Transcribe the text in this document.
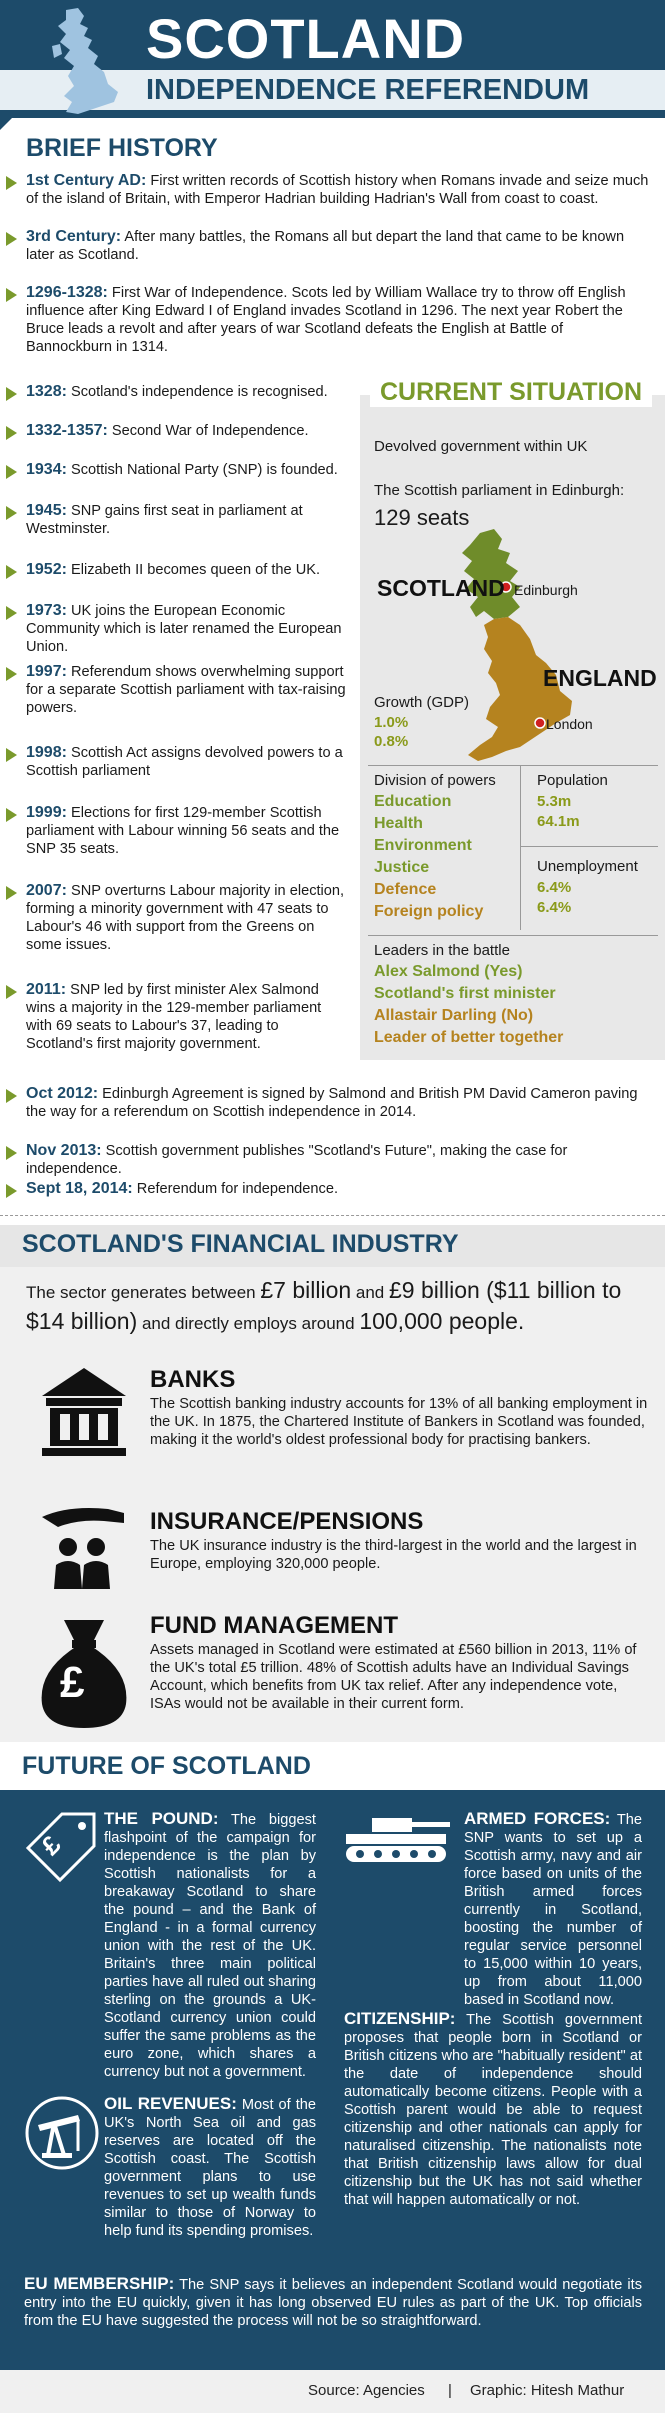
SCOTLAND
INDEPENDENCE REFERENDUM
BRIEF HISTORY
1st Century AD: First written records of Scottish history when Romans invade and seize much of the island of Britain, with Emperor Hadrian building Hadrian's Wall from coast to coast.
3rd Century: After many battles, the Romans all but depart the land that came to be known later as Scotland.
1296-1328: First War of Independence. Scots led by William Wallace try to throw off English influence after King Edward I of England invades Scotland in 1296. The next year Robert the Bruce leads a revolt and after years of war Scotland defeats the English at Battle of Bannockburn in 1314.
1328: Scotland's independence is recognised.
1332-1357: Second War of Independence.
1934: Scottish National Party (SNP) is founded.
1945: SNP gains first seat in parliament at Westminster.
1952: Elizabeth II becomes queen of the UK.
1973: UK joins the European Economic Community which is later renamed the European Union.
1997: Referendum shows overwhelming support for a separate Scottish parliament with tax-raising powers.
1998: Scottish Act assigns devolved powers to a Scottish parliament
1999: Elections for first 129-member Scottish parliament with Labour winning 56 seats and the SNP 35 seats.
2007: SNP overturns Labour majority in election, forming a minority government with 47 seats to Labour's 46 with support from the Greens on some issues.
2011: SNP led by first minister Alex Salmond wins a majority in the 129-member parliament with 69 seats to Labour's 37, leading to Scotland's first majority government.
Oct 2012: Edinburgh Agreement is signed by Salmond and British PM David Cameron paving the way for a referendum on Scottish independence in 2014.
Nov 2013: Scottish government publishes "Scotland's Future", making the case for independence.
Sept 18, 2014: Referendum for independence.
CURRENT SITUATION
Devolved government within UK
The Scottish parliament in Edinburgh:
129 seats
SCOTLAND Edinburgh
ENGLAND
London
Growth (GDP)
1.0%
0.8%
Division of powers
Education
Health
Environment
Justice
Defence
Foreign policy
Population
5.3m
64.1m
Unemployment
6.4%
6.4%
Leaders in the battle
Alex Salmond (Yes)
Scotland's first minister
Allastair Darling (No)
Leader of better together
SCOTLAND'S FINANCIAL INDUSTRY
The sector generates between £7 billion and £9 billion ($11 billion to $14 billion) and directly employs around 100,000 people.
BANKS
The Scottish banking industry accounts for 13% of all banking employment in the UK. In 1875, the Chartered Institute of Bankers in Scotland was founded, making it the world's oldest professional body for practising bankers.
INSURANCE/PENSIONS
The UK insurance industry is the third-largest in the world and the largest in Europe, employing 320,000 people.
£
FUND MANAGEMENT
Assets managed in Scotland were estimated at £560 billion in 2013, 11% of the UK's total £5 trillion. 48% of Scottish adults have an Individual Savings Account, which benefits from UK tax relief. After any independence vote, ISAs would not be available in their current form.
FUTURE OF SCOTLAND
£
THE POUND: The biggest flashpoint of the campaign for independence is the plan by Scottish nationalists for a breakaway Scotland to share the pound – and the Bank of England - in a formal currency union with the rest of the UK. Britain's three main political parties have all ruled out sharing sterling on the grounds a UK-Scotland currency union could suffer the same problems as the euro zone, which shares a currency but not a government.
ARMED FORCES: The SNP wants to set up a Scottish army, navy and air force based on units of the British armed forces currently in Scotland, boosting the number of regular service personnel to 15,000 within 10 years, up from about 11,000 based in Scotland now.
CITIZENSHIP: The Scottish government proposes that people born in Scotland or British citizens who are "habitually resident" at the date of independence should automatically become citizens. People with a Scottish parent would be able to request citizenship and other nationals can apply for naturalised citizenship. The nationalists note that British citizenship laws allow for dual citizenship but the UK has not said whether that will happen automatically or not.
OIL REVENUES: Most of the UK's North Sea oil and gas reserves are located off the Scottish coast. The Scottish government plans to use revenues to set up wealth funds similar to those of Norway to help fund its spending promises.
EU MEMBERSHIP: The SNP says it believes an independent Scotland would negotiate its entry into the EU quickly, given it has long observed EU rules as part of the UK. Top officials from the EU have suggested the process will not be so straightforward.
Source: Agencies | Graphic: Hitesh Mathur
